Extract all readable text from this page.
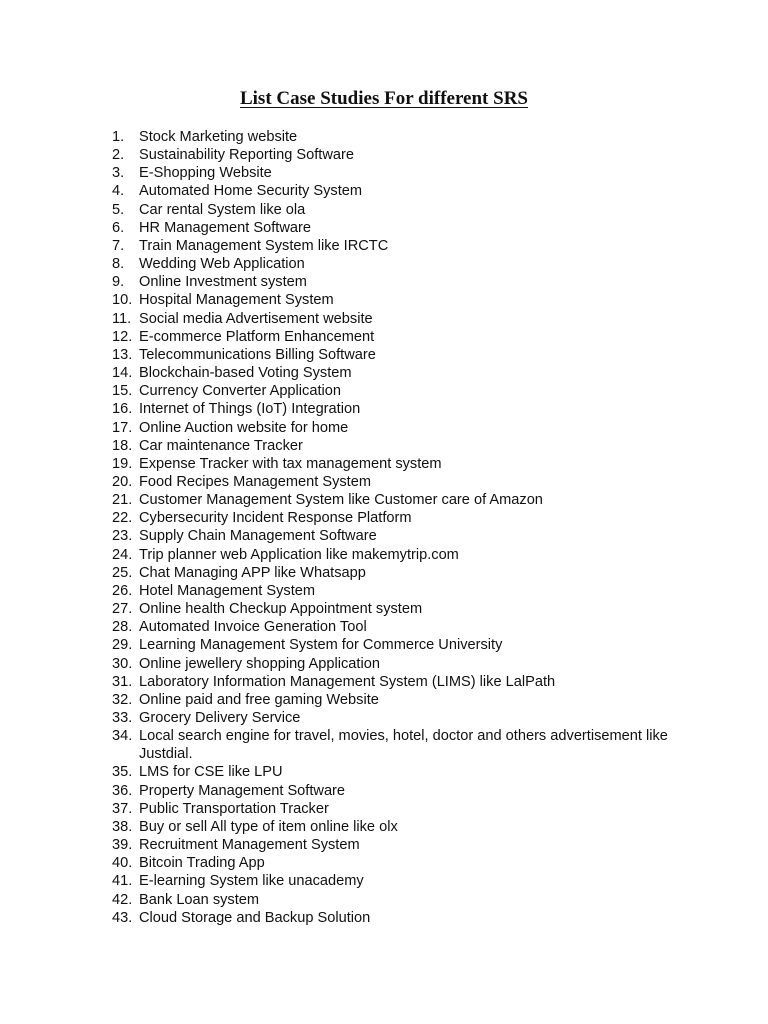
List Case Studies For different SRS
1.	Stock Marketing website
2.	Sustainability Reporting Software
3.	E-Shopping Website
4.	Automated Home Security System
5.	Car rental System like ola
6.	HR Management Software
7.	Train Management System like IRCTC
8.	Wedding Web Application
9.	Online Investment system
10. Hospital Management System
11. Social media Advertisement website
12. E-commerce Platform Enhancement
13. Telecommunications Billing Software
14. Blockchain-based Voting System
15. Currency Converter Application
16. Internet of Things (IoT) Integration
17. Online Auction website for home
18. Car maintenance Tracker
19. Expense Tracker with tax management system
20. Food Recipes Management System
21. Customer Management System like Customer care of Amazon
22. Cybersecurity Incident Response Platform
23. Supply Chain Management Software
24. Trip planner web Application like makemytrip.com
25. Chat Managing APP like Whatsapp
26. Hotel Management System
27. Online health Checkup Appointment system
28. Automated Invoice Generation Tool
29. Learning Management System for Commerce University
30. Online jewellery shopping Application
31. Laboratory Information Management System (LIMS) like LalPath
32. Online paid and free gaming Website
33. Grocery Delivery Service
34. Local search engine for travel, movies, hotel, doctor and others advertisement like Justdial.
35. LMS for CSE like LPU
36. Property Management Software
37. Public Transportation Tracker
38. Buy or sell All type of item online like olx
39. Recruitment Management System
40. Bitcoin Trading App
41. E-learning System like unacademy
42. Bank Loan system
43. Cloud Storage and Backup Solution
